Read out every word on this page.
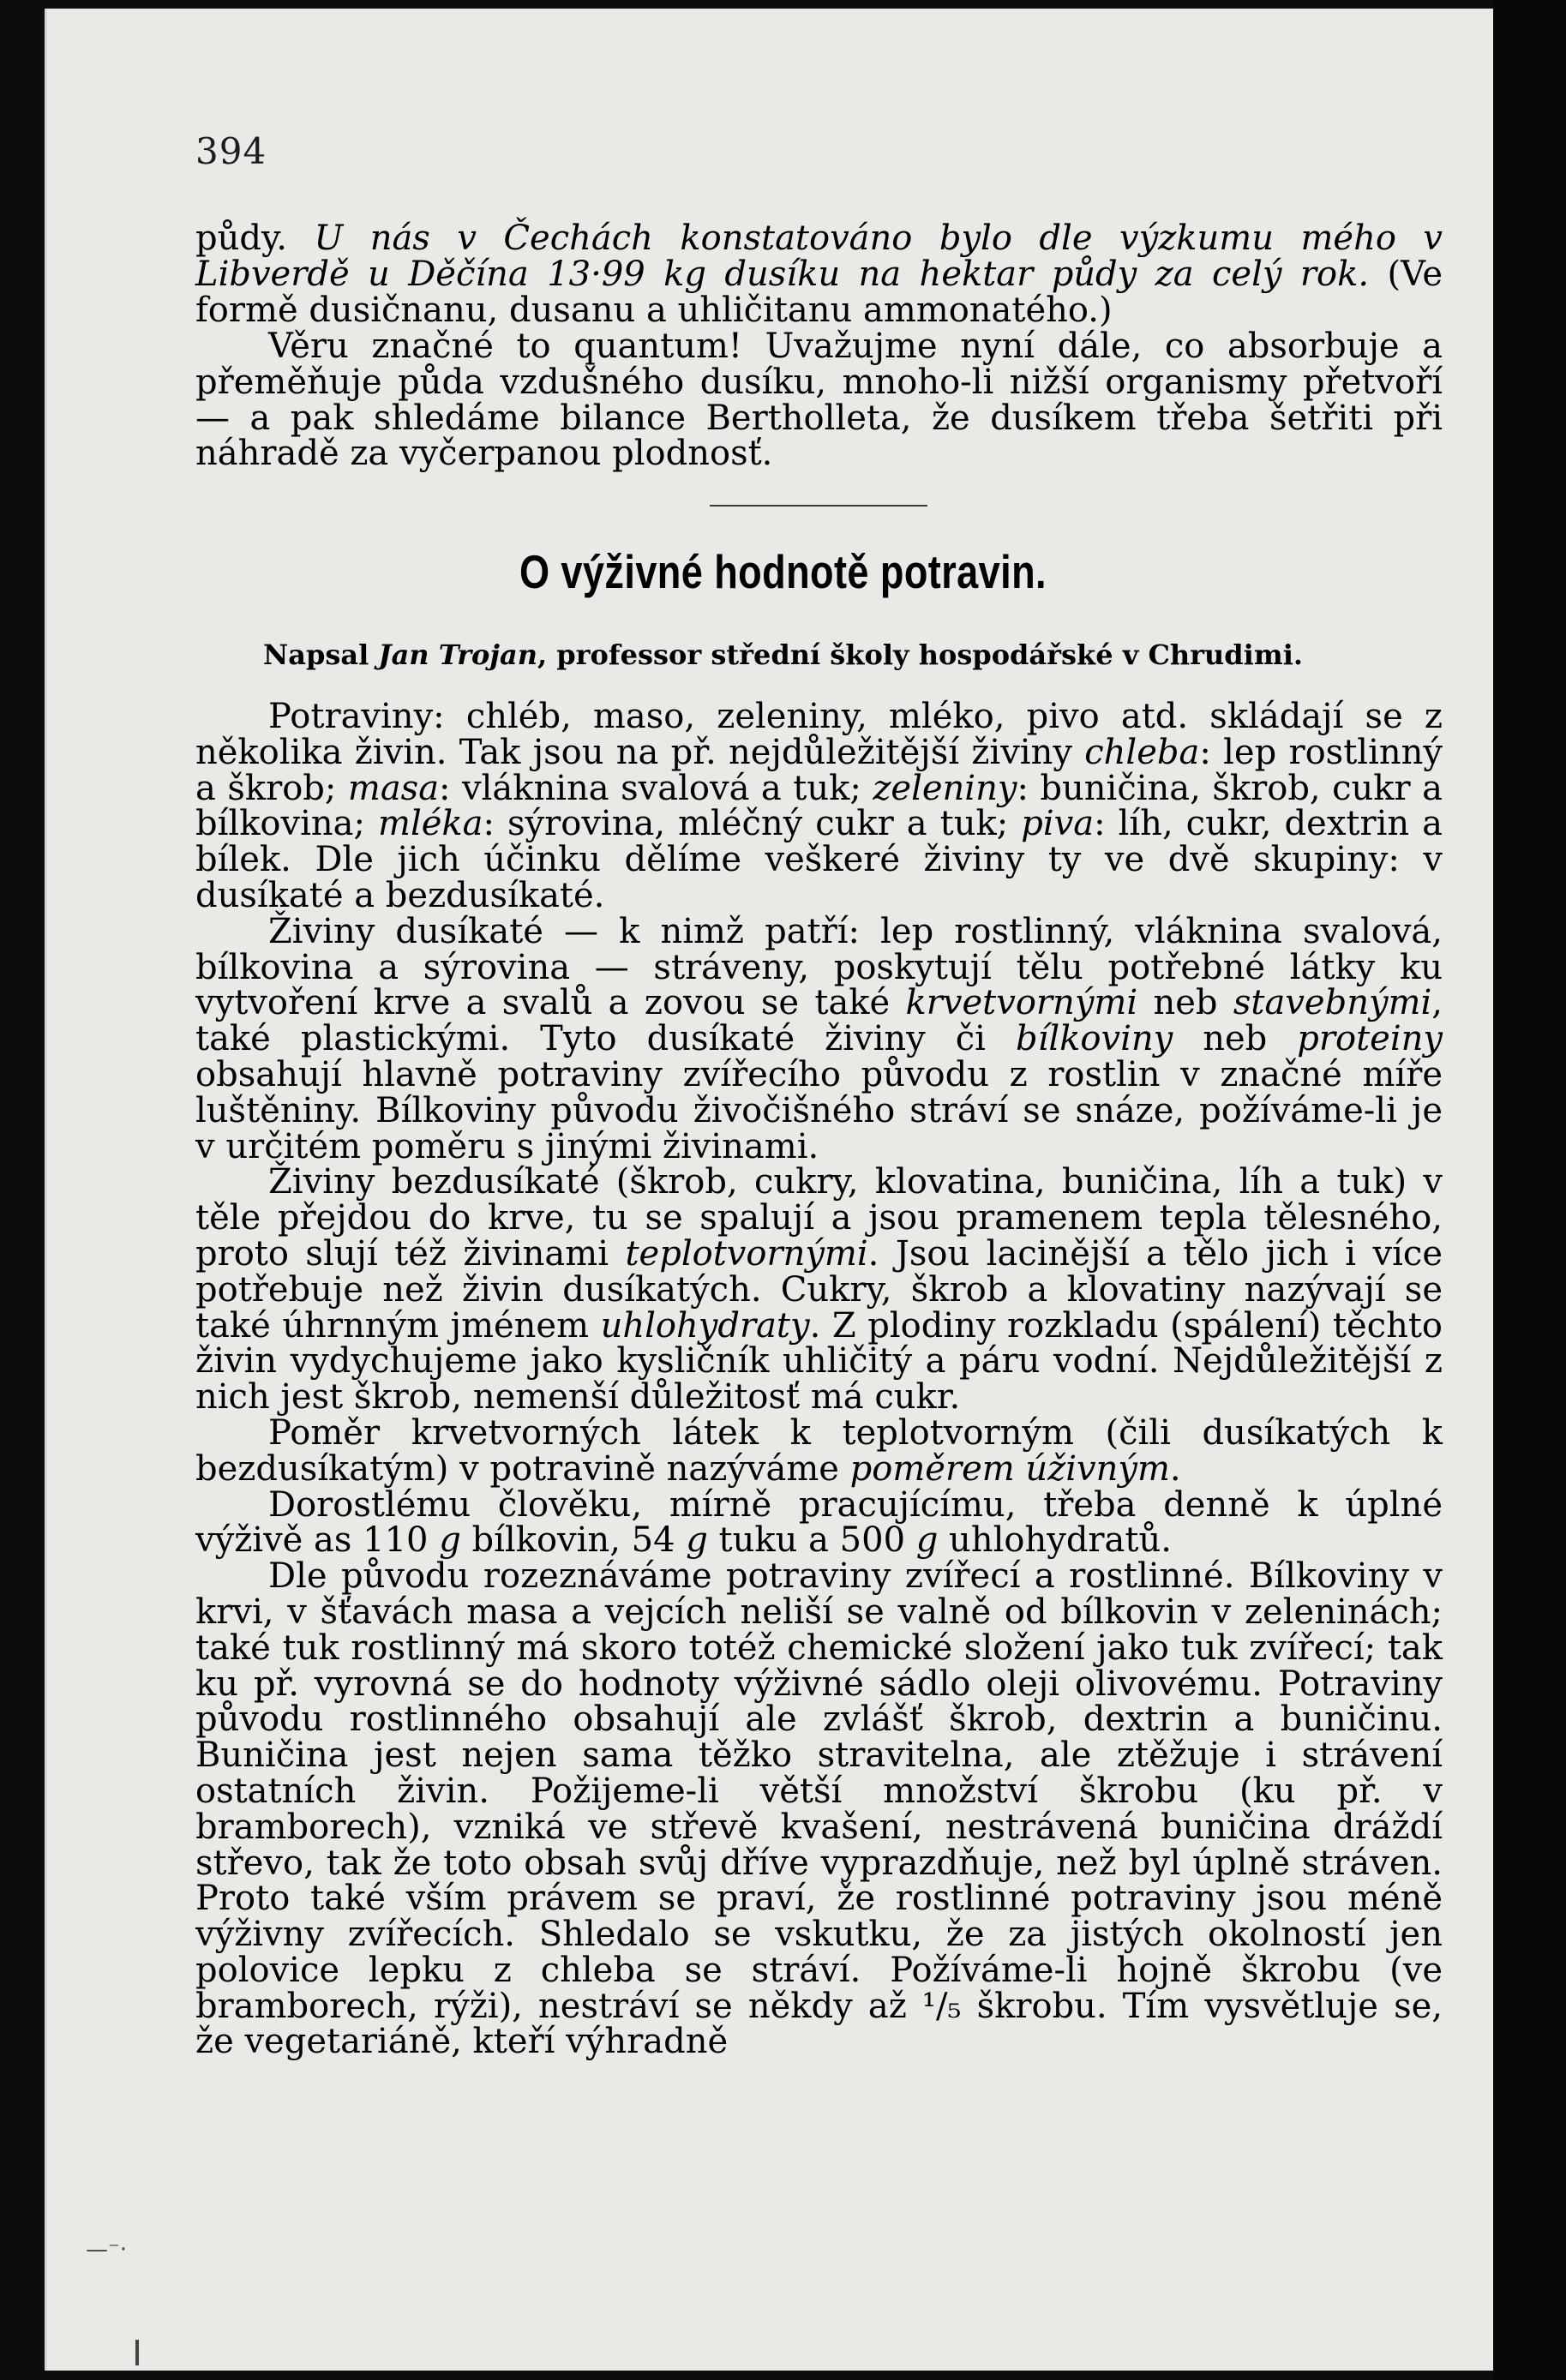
394

půdy. U nás v Čechách konstatováno bylo dle výzkumu mého v Libverdě u Děčína 13·99 kg dusíku na hektar půdy za celý rok. (Ve formě dusičnanu, dusanu a uhličitanu ammonatého.)

Věru značné to quantum! Uvažujme nyní dále, co absorbuje a přeměňuje půda vzdušného dusíku, mnoho-li nižší organismy přetvoří — a pak shledáme bilance Bertholleta, že dusíkem třeba šetřiti při náhradě za vyčerpanou plodnosť.

O výživné hodnotě potravin.
Napsal Jan Trojan, professor střední školy hospodářské v Chrudimi.

Potraviny: chléb, maso, zeleniny, mléko, pivo atd. skládají se z několika živin. Tak jsou na př. nejdůležitější živiny chleba: lep rostlinný a škrob; masa: vláknina svalová a tuk; zeleniny: buničina, škrob, cukr a bílkovina; mléka: sýrovina, mléčný cukr a tuk; piva: líh, cukr, dextrin a bílek. Dle jich účinku dělíme veškeré živiny ty ve dvě skupiny: v dusíkaté a bezdusíkaté.

Živiny dusíkaté — k nimž patří: lep rostlinný, vláknina svalová, bílkovina a sýrovina — stráveny, poskytují tělu potřebné látky ku vytvoření krve a svalů a zovou se také krvetvornými neb stavebnými, také plastickými. Tyto dusíkaté živiny či bílkoviny neb proteiny obsahují hlavně potraviny zvířecího původu z rostlin v značné míře luštěniny. Bílkoviny původu živočišného stráví se snáze, požíváme-li je v určitém poměru s jinými živinami.

Živiny bezdusíkaté (škrob, cukry, klovatina, buničina, líh a tuk) v těle přejdou do krve, tu se spalují a jsou pramenem tepla tělesného, proto slují též živinami teplotvornými. Jsou lacinější a tělo jich i více potřebuje než živin dusíkatých. Cukry, škrob a klovatiny nazývají se také úhrnným jménem uhlohydraty. Z plodiny rozkladu (spálení) těchto živin vydychujeme jako kysličník uhličitý a páru vodní. Nejdůležitější z nich jest škrob, nemenší důležitosť má cukr.

Poměr krvetvorných látek k teplotvorným (čili dusíkatých k bezdusíkatým) v potravině nazýváme poměrem úživným.

Dorostlému člověku, mírně pracujícímu, třeba denně k úplné výživě as 110 g bílkovin, 54 g tuku a 500 g uhlohydratů.

Dle původu rozeznáváme potraviny zvířecí a rostlinné. Bílkoviny v krvi, v šťavách masa a vejcích neliší se valně od bílkovin v zeleninách; také tuk rostlinný má skoro totéž chemické složení jako tuk zvířecí; tak ku př. vyrovná se do hodnoty výživné sádlo oleji olivovému. Potraviny původu rostlinného obsahují ale zvlášť škrob, dextrin a buničinu. Buničina jest nejen sama těžko stravitelna, ale ztěžuje i strávení ostatních živin. Požijeme-li větší množství škrobu (ku př. v bramborech), vzniká ve střevě kvašení, nestrávená buničina dráždí střevo, tak že toto obsah svůj dříve vyprazdňuje, než byl úplně stráven. Proto také vším právem se praví, že rostlinné potraviny jsou méně výživny zvířecích. Shledalo se vskutku, že za jistých okolností jen polovice lepku z chleba se stráví. Požíváme-li hojně škrobu (ve bramborech, rýži), nestráví se někdy až ¹/₅ škrobu. Tím vysvětluje se, že vegetariáně, kteří výhradně

—⁻·
